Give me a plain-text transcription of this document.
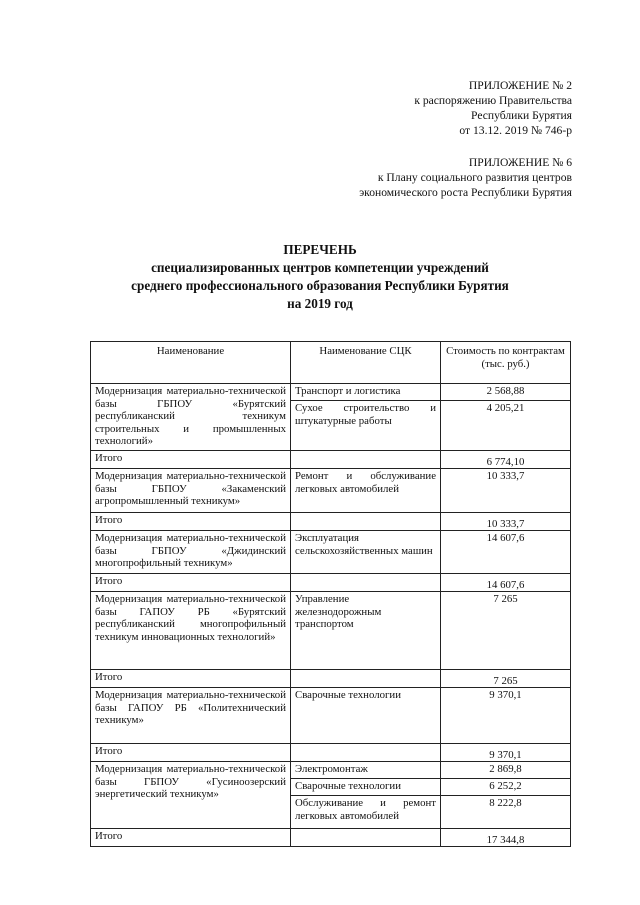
ПРИЛОЖЕНИЕ № 2
к распоряжению Правительства
Республики Бурятия
от 13.12. 2019 № 746-р
ПРИЛОЖЕНИЕ № 6
к Плану социального развития центров
экономического роста Республики Бурятия
ПЕРЕЧЕНЬ
специализированных центров компетенции учреждений
среднего профессионального образования Республики Бурятия
на 2019 год
Наименование	Наименование СЦК	Стоимость по контрактам (тыс. руб.)
Модернизация материально-технической базы ГБПОУ «Бурятский республиканский техникум строительных и промышленных технологий»	Транспорт и логистика	2 568,88
	Сухое строительство и штукатурные работы	4 205,21
Итого		6 774,10
Модернизация материально-технической базы ГБПОУ «Закаменский агропромышленный техникум»	Ремонт и обслуживание легковых автомобилей	10 333,7
Итого		10 333,7
Модернизация материально-технической базы ГБПОУ «Джидинский многопрофильный техникум»	Эксплуатация сельскохозяйственных машин	14 607,6
Итого		14 607,6
Модернизация материально-технической базы ГАПОУ РБ «Бурятский республиканский многопрофильный техникум инновационных технологий»	Управление железнодорожным транспортом	7 265
Итого		7 265
Модернизация материально-технической базы ГАПОУ РБ «Политехнический техникум»	Сварочные технологии	9 370,1
Итого		9 370,1
Модернизация материально-технической базы ГБПОУ «Гусиноозерский энергетический техникум»	Электромонтаж	2 869,8
	Сварочные технологии	6 252,2
	Обслуживание и ремонт легковых автомобилей	8 222,8
Итого		17 344,8
